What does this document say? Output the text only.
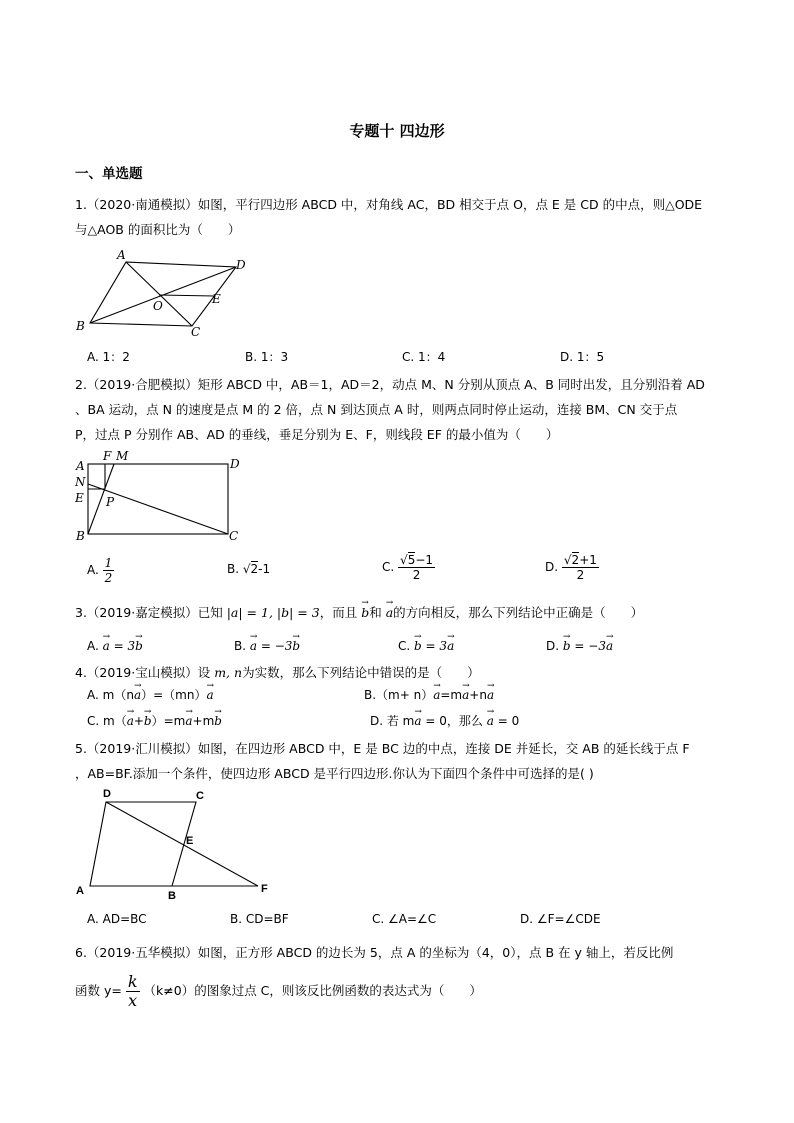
专题十 四边形
一、单选题
1.（2020·南通模拟）如图，平行四边形 ABCD 中，对角线 AC，BD 相交于点 O，点 E 是 CD 的中点，则△ODE
与△AOB 的面积比为（　　）
A
D
O	E
B	C
A. 1：2	B. 1：3	C. 1：4	D. 1：5
2.（2019·合肥模拟）矩形 ABCD 中，AB＝1，AD＝2，动点 M、N 分别从顶点 A、B 同时出发，且分别沿着 AD
、BA 运动，点 N 的速度是点 M 的 2 倍，点 N 到达顶点 A 时，则两点同时停止运动，连接 BM、CN 交于点
P，过点 P 分别作 AB、AD 的垂线，垂足分别为 E、F，则线段 EF 的最小值为（　　）
A
F M
D
N
E P
B	C
A. $\frac{1}{2}$	B. √2-1	C. $\frac{√5-1}{2}$	D. $\frac{√2+1}{2}$
3.（2019·嘉定模拟）已知 |a| = 1, |b| = 3，而且 → b和 → a的方向相反，那么下列结论中正确是（　　）
A. → a = 3→ b	B. → a = −3→ b	C. → b = 3→ a	D. → b = −3→ a
4.（2019·宝山模拟）设 m, n为实数，那么下列结论中错误的是（　　）
A. m（n→ a）=（mn）→ a	B.（m+ n）→ a=m→ a+n→ a
C. m（→ a+→ b）=m→ a+m→ b	D. 若 m→ a = 0，那么 → a = 0
5.（2019·汇川模拟）如图，在四边形 ABCD 中，E 是 BC 边的中点，连接 DE 并延长，交 AB 的延长线于点 F
，AB=BF.添加一个条件，使四边形 ABCD 是平行四边形.你认为下面四个条件中可选择的是( )
D	C
E
A	B
F
A. AD=BC	B. CD=BF	C. ∠A=∠C	D. ∠F=∠CDE
6.（2019·五华模拟）如图，正方形 ABCD 的边长为 5，点 A 的坐标为（4，0），点 B 在 y 轴上，若反比例
函数 $y= \frac{k}{x} (k\ne 0)$的图象过点 C，则该反比例函数的表达式为（　　）
